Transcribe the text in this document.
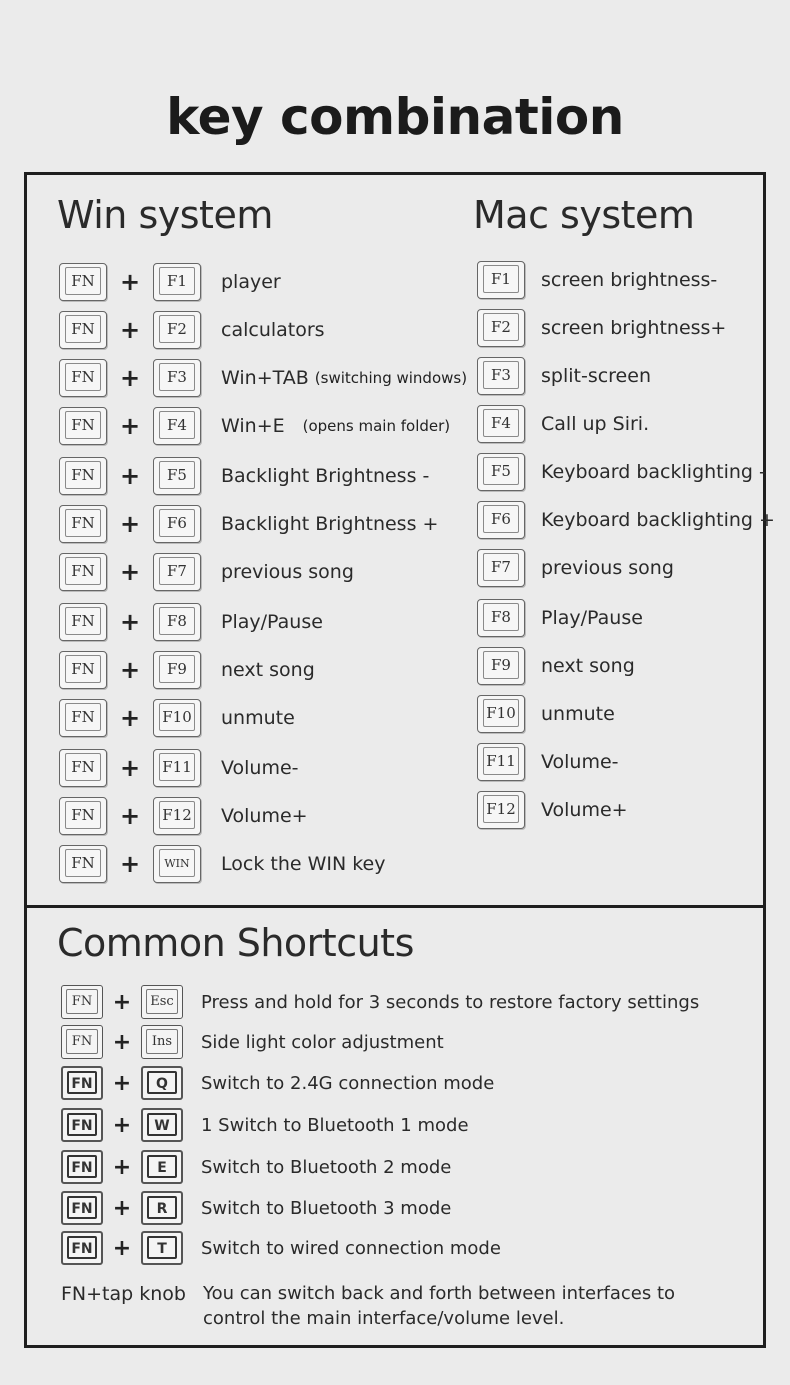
key combination
Win system	Mac system
FN	+	F1	player
FN	+	F2	calculators
FN	+	F3	Win+TAB (switching windows)
FN	+	F4	Win+E (opens main folder)
FN	+	F5	Backlight Brightness -
FN	+	F6	Backlight Brightness +
FN	+	F7	previous song
FN	+	F8	Play/Pause
FN	+	F9	next song
FN	+	F10	unmute
FN	+	F11	Volume-
FN	+	F12	Volume+
FN	+	WIN	Lock the WIN key
F1	screen brightness-
F2	screen brightness+
F3	split-screen
F4	Call up Siri.
F5	Keyboard backlighting -
F6	Keyboard backlighting +
F7	previous song
F8	Play/Pause
F9	next song
F10	unmute
F11	Volume-
F12	Volume+
Common Shortcuts
FN +	Esc	Press and hold for 3 seconds to restore factory settings
FN +	Ins	Side light color adjustment
FN +	Q	Switch to 2.4G connection mode
FN +	W	1 Switch to Bluetooth 1 mode
FN +	E	Switch to Bluetooth 2 mode
FN +	R	Switch to Bluetooth 3 mode
FN +	T	Switch to wired connection mode
FN+tap knob You can switch back and forth between interfaces to control the main interface/volume level.
